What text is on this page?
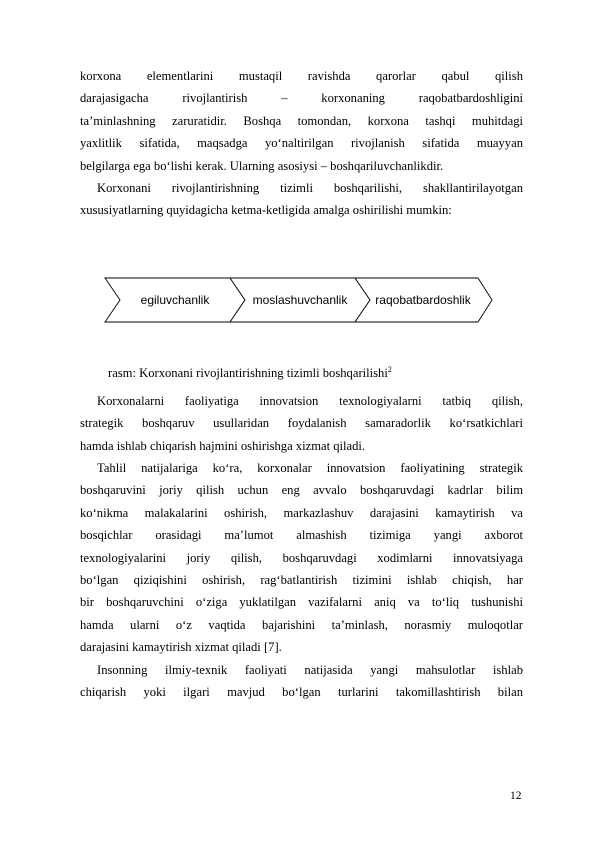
korxona elementlarini mustaqil ravishda qarorlar qabul qilish
darajasigacha rivojlantirish – korxonaning raqobatbardoshligini
ta’minlashning zaruratidir. Boshqa tomondan, korxona tashqi muhitdagi
yaxlitlik sifatida, maqsadga yo‘naltirilgan rivojlanish sifatida muayyan
belgilarga ega bo‘lishi kerak. Ularning asosiysi – boshqariluvchanlikdir.
Korxonani rivojlantirishning tizimli boshqarilishi, shakllantirilayotgan
xususiyatlarning quyidagicha ketma-ketligida amalga oshirilishi mumkin:
egiluvchanlik	moslashuvchanlik raqobatbardoshlik
rasm: Korxonani rivojlantirishning tizimli boshqarilishi$^2$
Korxonalarni faoliyatiga innovatsion texnologiyalarni tatbiq qilish,
strategik boshqaruv usullaridan foydalanish samaradorlik ko‘rsatkichlari
hamda ishlab chiqarish hajmini oshirishga xizmat qiladi.
Tahlil natijalariga ko‘ra, korxonalar innovatsion faoliyatining strategik
boshqaruvini joriy qilish uchun eng avvalo boshqaruvdagi kadrlar bilim
ko‘nikma malakalarini oshirish, markazlashuv darajasini kamaytirish va
bosqichlar orasidagi ma’lumot almashish tizimiga yangi axborot
texnologiyalarini joriy qilish, boshqaruvdagi xodimlarni innovatsiyaga
bo‘lgan qiziqishini oshirish, rag‘batlantirish tizimini ishlab chiqish, har
bir boshqaruvchini o‘ziga yuklatilgan vazifalarni aniq va to‘liq tushunishi
hamda ularni o‘z vaqtida bajarishini ta’minlash, norasmiy muloqotlar
darajasini kamaytirish xizmat qiladi [7].
Insonning ilmiy-texnik faoliyati natijasida yangi mahsulotlar ishlab
chiqarish yoki ilgari mavjud bo‘lgan turlarini takomillashtirish bilan
12
